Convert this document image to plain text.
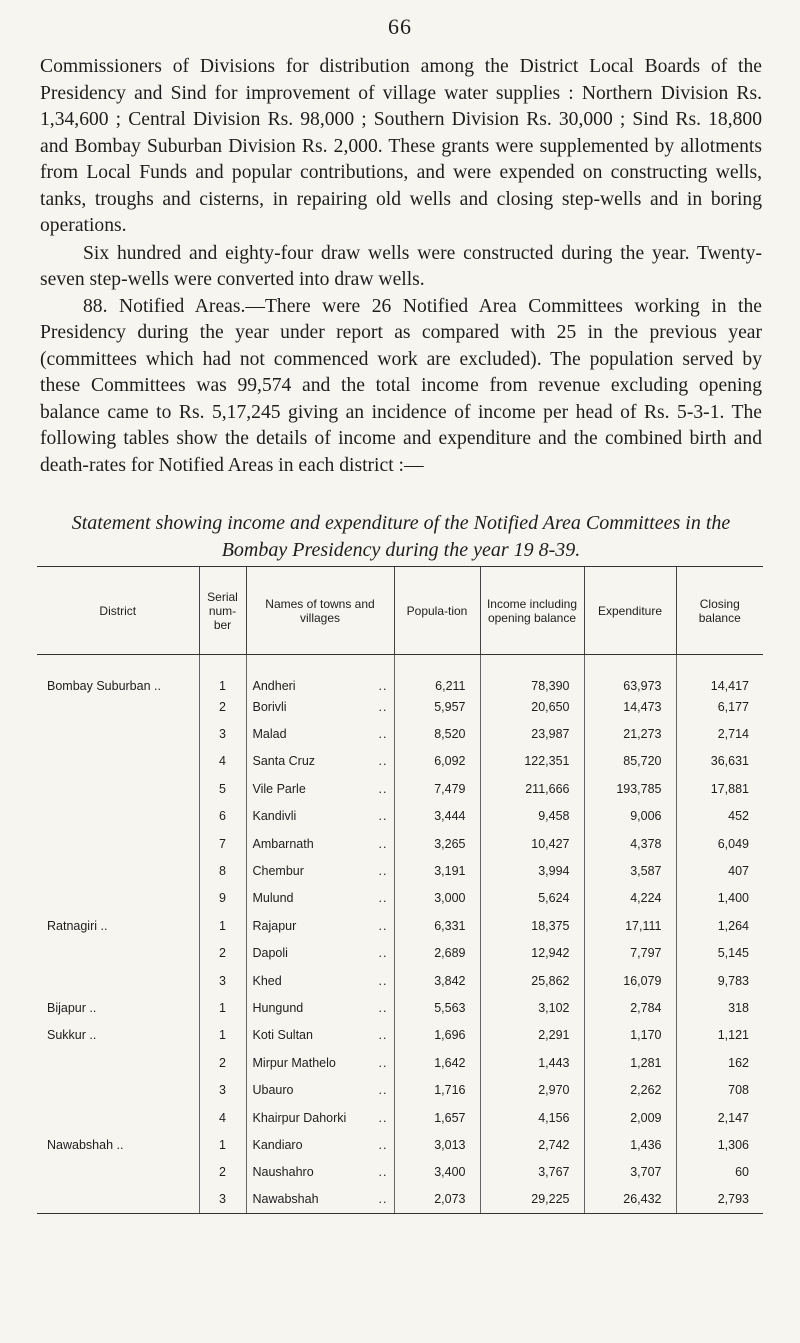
66

Commissioners of Divisions for distribution among the District Local Boards of the Presidency and Sind for improvement of village water supplies : Northern Division Rs. 1,34,600 ; Central Division Rs. 98,000 ; Southern Division Rs. 30,000 ; Sind Rs. 18,800 and Bombay Suburban Division Rs. 2,000. These grants were supplemented by allotments from Local Funds and popular contributions, and were expended on constructing wells, tanks, troughs and cisterns, in repairing old wells and closing step-wells and in boring operations.

Six hundred and eighty-four draw wells were constructed during the year. Twenty-seven step-wells were converted into draw wells.

88. Notified Areas.—There were 26 Notified Area Committees working in the Presidency during the year under report as compared with 25 in the previous year (committees which had not commenced work are excluded). The population served by these Committees was 99,574 and the total income from revenue excluding opening balance came to Rs. 5,17,245 giving an incidence of income per head of Rs. 5-3-1. The following tables show the details of income and expenditure and the combined birth and death-rates for Notified Areas in each district :—

Statement showing income and expenditure of the Notified Area Committees in the Bombay Presidency during the year 19 8-39.
District	Serial num-ber	Names of towns and villages	Popula-tion	Income including opening balance	Expenditure	Closing balance
Bombay Suburban ..	1	Andheri ..	6,211	78,390	63,973	14,417
	2	Borivli ..	5,957	20,650	14,473	6,177
	3	Malad ..	8,520	23,987	21,273	2,714
	4	Santa Cruz ..	6,092	122,351	85,720	36,631
	5	Vile Parle ..	7,479	211,666	193,785	17,881
	6	Kandivli ..	3,444	9,458	9,006	452
	7	Ambarnath ..	3,265	10,427	4,378	6,049
	8	Chembur ..	3,191	3,994	3,587	407
	9	Mulund ..	3,000	5,624	4,224	1,400
Ratnagiri ..	1	Rajapur ..	6,331	18,375	17,111	1,264
	2	Dapoli ..	2,689	12,942	7,797	5,145
	3	Khed ..	3,842	25,862	16,079	9,783
Bijapur ..	1	Hungund ..	5,563	3,102	2,784	318
Sukkur ..	1	Koti Sultan ..	1,696	2,291	1,170	1,121
	2	Mirpur Mathelo ..	1,642	1,443	1,281	162
	3	Ubauro ..	1,716	2,970	2,262	708
	4	Khairpur Dahorki ..	1,657	4,156	2,009	2,147
Nawabshah ..	1	Kandiaro ..	3,013	2,742	1,436	1,306
	2	Naushahro ..	3,400	3,767	3,707	60
	3	Nawabshah ..	2,073	29,225	26,432	2,793
